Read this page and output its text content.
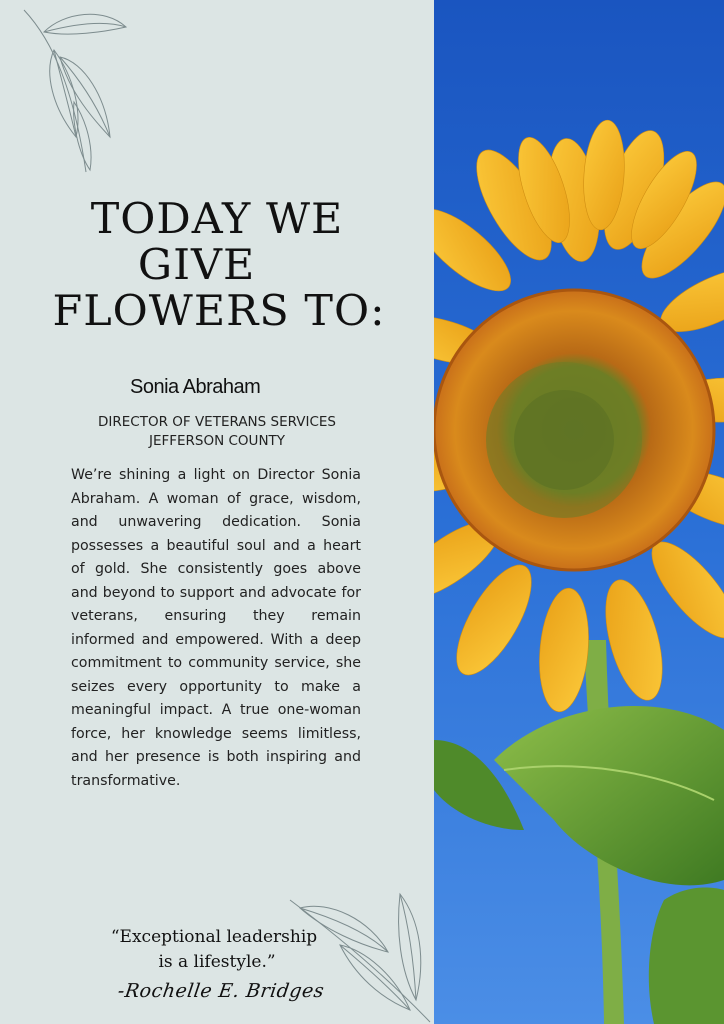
TODAY WE
GIVE
FLOWERS TO:
Sonia Abraham
DIRECTOR OF VETERANS SERVICES
JEFFERSON COUNTY
We’re shining a light on Director Sonia Abraham. A woman of grace, wisdom, and unwavering dedication. Sonia possesses a beautiful soul and a heart of gold. She consistently goes above and beyond to support and advocate for veterans, ensuring they remain informed and empowered. With a deep commitment to community service, she seizes every opportunity to make a meaningful impact. A true one-woman force, her knowledge seems limitless, and her presence is both inspiring and transformative.
“Exceptional leadership
is a lifestyle.”
-Rochelle E. Bridges
